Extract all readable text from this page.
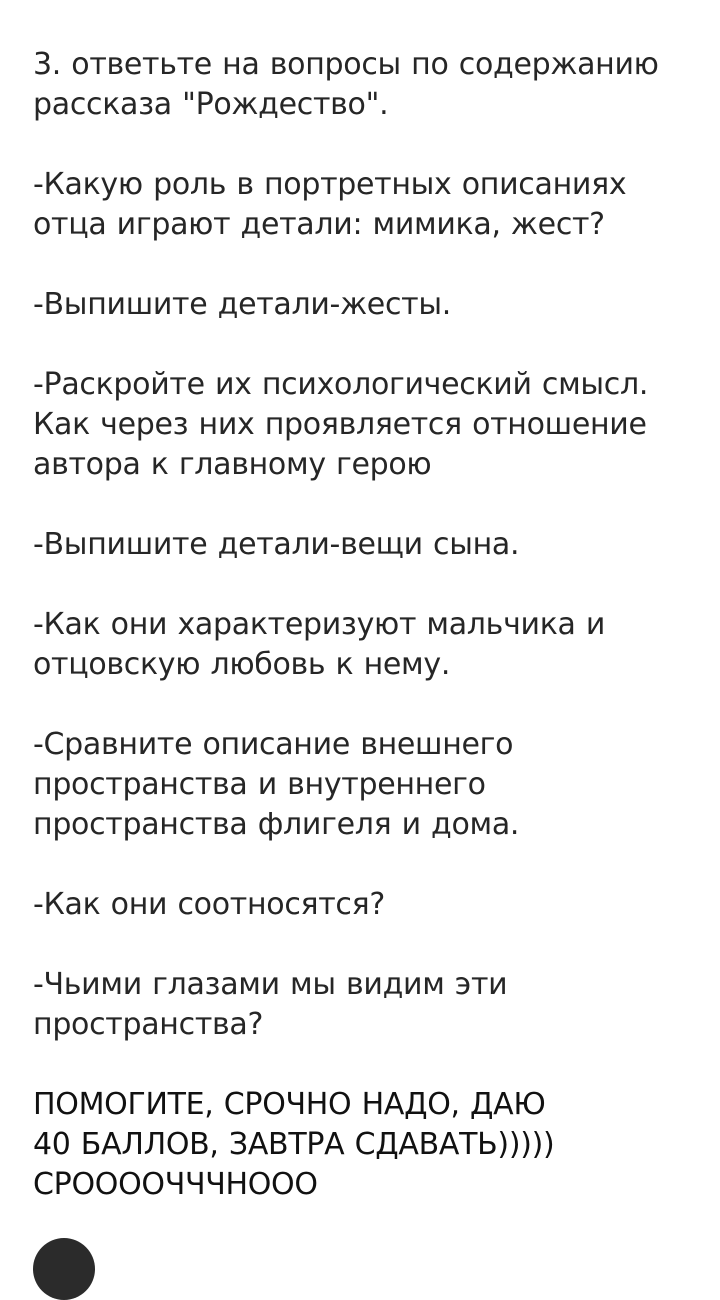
3. ответьте на вопросы по содержанию
рассказа "Рождество".

-Какую роль в портретных описаниях
отца играют детали: мимика, жест?

-Выпишите детали-жесты.

-Раскройте их психологический смысл.
Как через них проявляется отношение
автора к главному герою

-Выпишите детали-вещи сына.

-Как они характеризуют мальчика и
отцовскую любовь к нему.

-Сравните описание внешнего
пространства и внутреннего
пространства флигеля и дома.

-Как они соотносятся?

-Чьими глазами мы видим эти
пространства?

ПОМОГИТЕ, СРОЧНО НАДО, ДАЮ
40 БАЛЛОВ, ЗАВТРА СДАВАТЬ)))))
СРООООЧЧЧНООО
